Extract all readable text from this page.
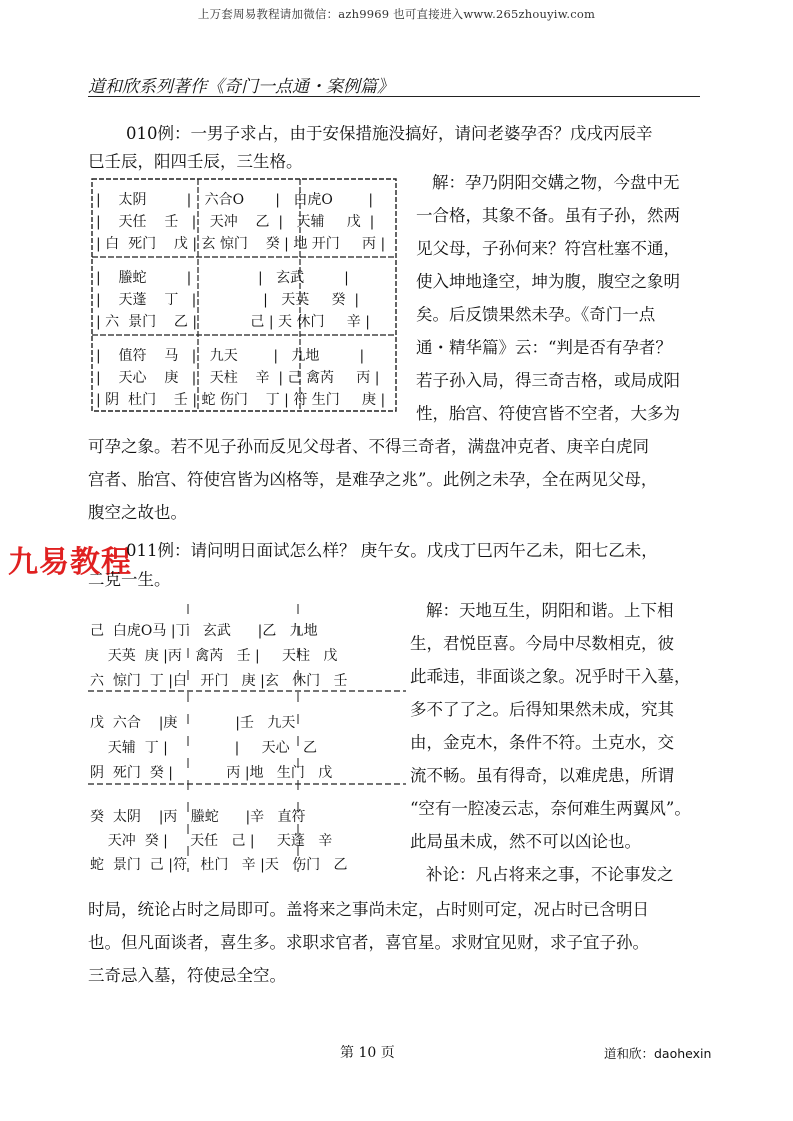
上万套周易教程请加微信：azh9969 也可直接进入www.265zhouyiw.com
道和欣系列著作《奇门一点通・案例篇》
010例：一男子求占，由于安保措施没搞好，请问老婆孕否？戊戌丙辰辛
巳壬辰，阳四壬辰，三生格。
|    太阴         |   六合O       |   白虎O        |
|    天任    壬   |   天冲    乙  |   天辅     戊  |
| 白  死门    戊 | 玄 惊门    癸 | 地 开门     丙 |
|    螣蛇         |               |   玄武         |
|    天蓬    丁   |               |   天英     癸  |
| 六  景门    乙 |            己 | 天 休门     辛 |
|    值符    马   |   九天        |   九地         |
|    天心    庚   |   天柱    辛  | 己 禽芮     丙 |
| 阴  杜门    壬 | 蛇 伤门    丁 | 符 生门     庚 |
解：孕乃阴阳交媾之物，今盘中无
一合格，其象不备。虽有子孙，然两
见父母，子孙何来？符宫杜塞不通，
使入坤地逢空，坤为腹，腹空之象明
矣。后反馈果然未孕。《奇门一点
通・精华篇》云：“判是否有孕者？
若子孙入局，得三奇吉格，或局成阳
性，胎宫、符使宫皆不空者，大多为
可孕之象。若不见子孙而反见父母者、不得三奇者，满盘冲克者、庚辛白虎同
宫者、胎宫、符使宫皆为凶格等，是难孕之兆”。此例之未孕，全在两见父母，
腹空之故也。
九易教程
011例：请问明日面试怎么样？ 庚午女。戊戌丁巳丙午乙未，阳七乙未，
二克一生。
己  白虎O马 |丁   玄武      |乙   九地
天英  庚 |丙   禽芮   壬 |     天柱   戊
六  惊门  丁 |白   开门   庚 |玄   休门   壬
戊  六合    |庚             |壬   九天
天辅  丁 |               |     天心   乙
阴  死门  癸 |            丙 |地   生门   戊
癸  太阴    |丙   螣蛇      |辛   直符
天冲  癸 |     天任   己 |     天蓬   辛
蛇  景门  己 |符   杜门   辛 |天   伤门   乙
解：天地互生，阴阳和谐。上下相
生，君悦臣喜。今局中尽数相克，彼
此乖违，非面谈之象。况乎时干入墓，
多不了了之。后得知果然未成，究其
由，金克木，条件不符。土克水，交
流不畅。虽有得奇，以难虎患，所谓
“空有一腔凌云志，奈何难生两翼风”。
此局虽未成，然不可以凶论也。
补论：凡占将来之事，不论事发之
时局，统论占时之局即可。盖将来之事尚未定，占时则可定，况占时已含明日
也。但凡面谈者，喜生多。求职求官者，喜官星。求财宜见财，求子宜子孙。
三奇忌入墓，符使忌全空。
第 10 页	道和欣：daohexin
